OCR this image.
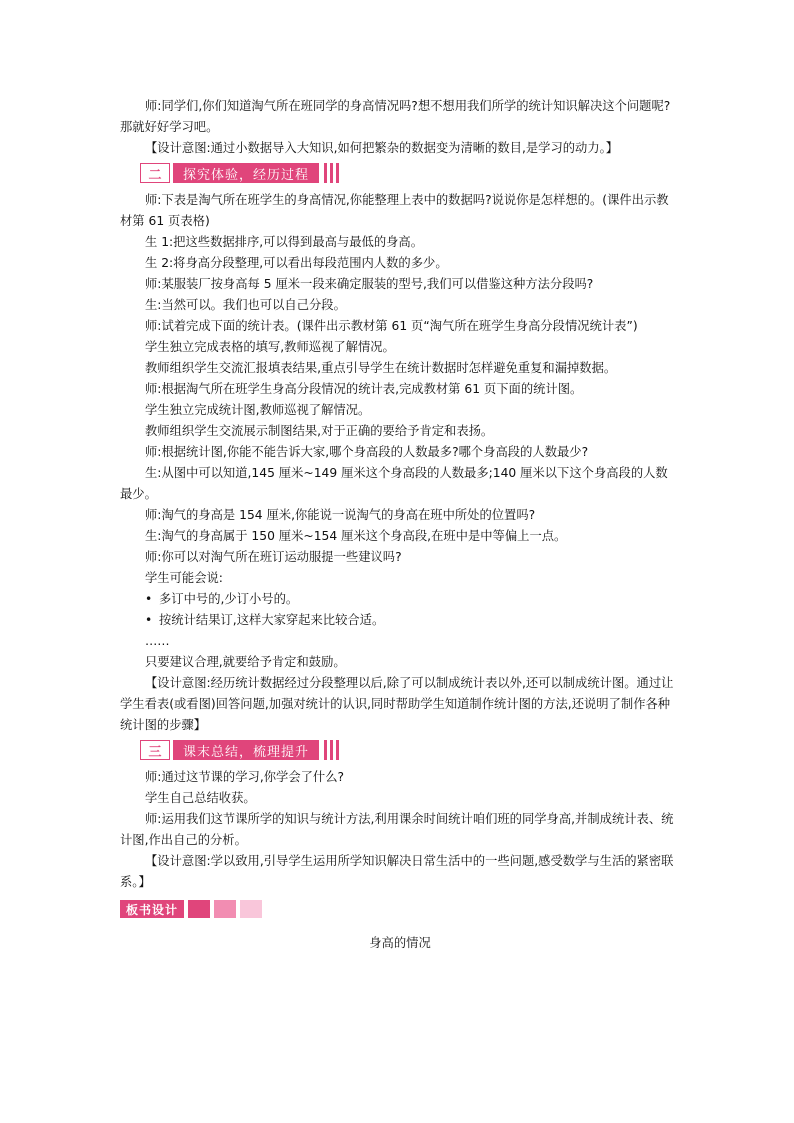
师:同学们,你们知道淘气所在班同学的身高情况吗?想不想用我们所学的统计知识解决这个问题呢?那就好好学习吧。

【设计意图:通过小数据导入大知识,如何把繁杂的数据变为清晰的数目,是学习的动力。】

二	探究体验，经历过程

师:下表是淘气所在班学生的身高情况,你能整理上表中的数据吗?说说你是怎样想的。(课件出示教材第 61 页表格)

生 1:把这些数据排序,可以得到最高与最低的身高。

生 2:将身高分段整理,可以看出每段范围内人数的多少。

师:某服装厂按身高每 5 厘米一段来确定服装的型号,我们可以借鉴这种方法分段吗?

生:当然可以。我们也可以自己分段。

师:试着完成下面的统计表。(课件出示教材第 61 页“淘气所在班学生身高分段情况统计表”)

学生独立完成表格的填写,教师巡视了解情况。

教师组织学生交流汇报填表结果,重点引导学生在统计数据时怎样避免重复和漏掉数据。

师:根据淘气所在班学生身高分段情况的统计表,完成教材第 61 页下面的统计图。

学生独立完成统计图,教师巡视了解情况。

教师组织学生交流展示制图结果,对于正确的要给予肯定和表扬。

师:根据统计图,你能不能告诉大家,哪个身高段的人数最多?哪个身高段的人数最少?

生:从图中可以知道,145 厘米~149 厘米这个身高段的人数最多;140 厘米以下这个身高段的人数最少。

师:淘气的身高是 154 厘米,你能说一说淘气的身高在班中所处的位置吗?

生:淘气的身高属于 150 厘米~154 厘米这个身高段,在班中是中等偏上一点。

师:你可以对淘气所在班订运动服提一些建议吗?

学生可能会说:

• 多订中号的,少订小号的。

• 按统计结果订,这样大家穿起来比较合适。

……

只要建议合理,就要给予肯定和鼓励。

【设计意图:经历统计数据经过分段整理以后,除了可以制成统计表以外,还可以制成统计图。通过让学生看表(或看图)回答问题,加强对统计的认识,同时帮助学生知道制作统计图的方法,还说明了制作各种统计图的步骤】

三	课末总结，梳理提升

师:通过这节课的学习,你学会了什么?

学生自己总结收获。

师:运用我们这节课所学的知识与统计方法,利用课余时间统计咱们班的同学身高,并制成统计表、统计图,作出自己的分析。

【设计意图:学以致用,引导学生运用所学知识解决日常生活中的一些问题,感受数学与生活的紧密联系。】

板书设计

身高的情况
